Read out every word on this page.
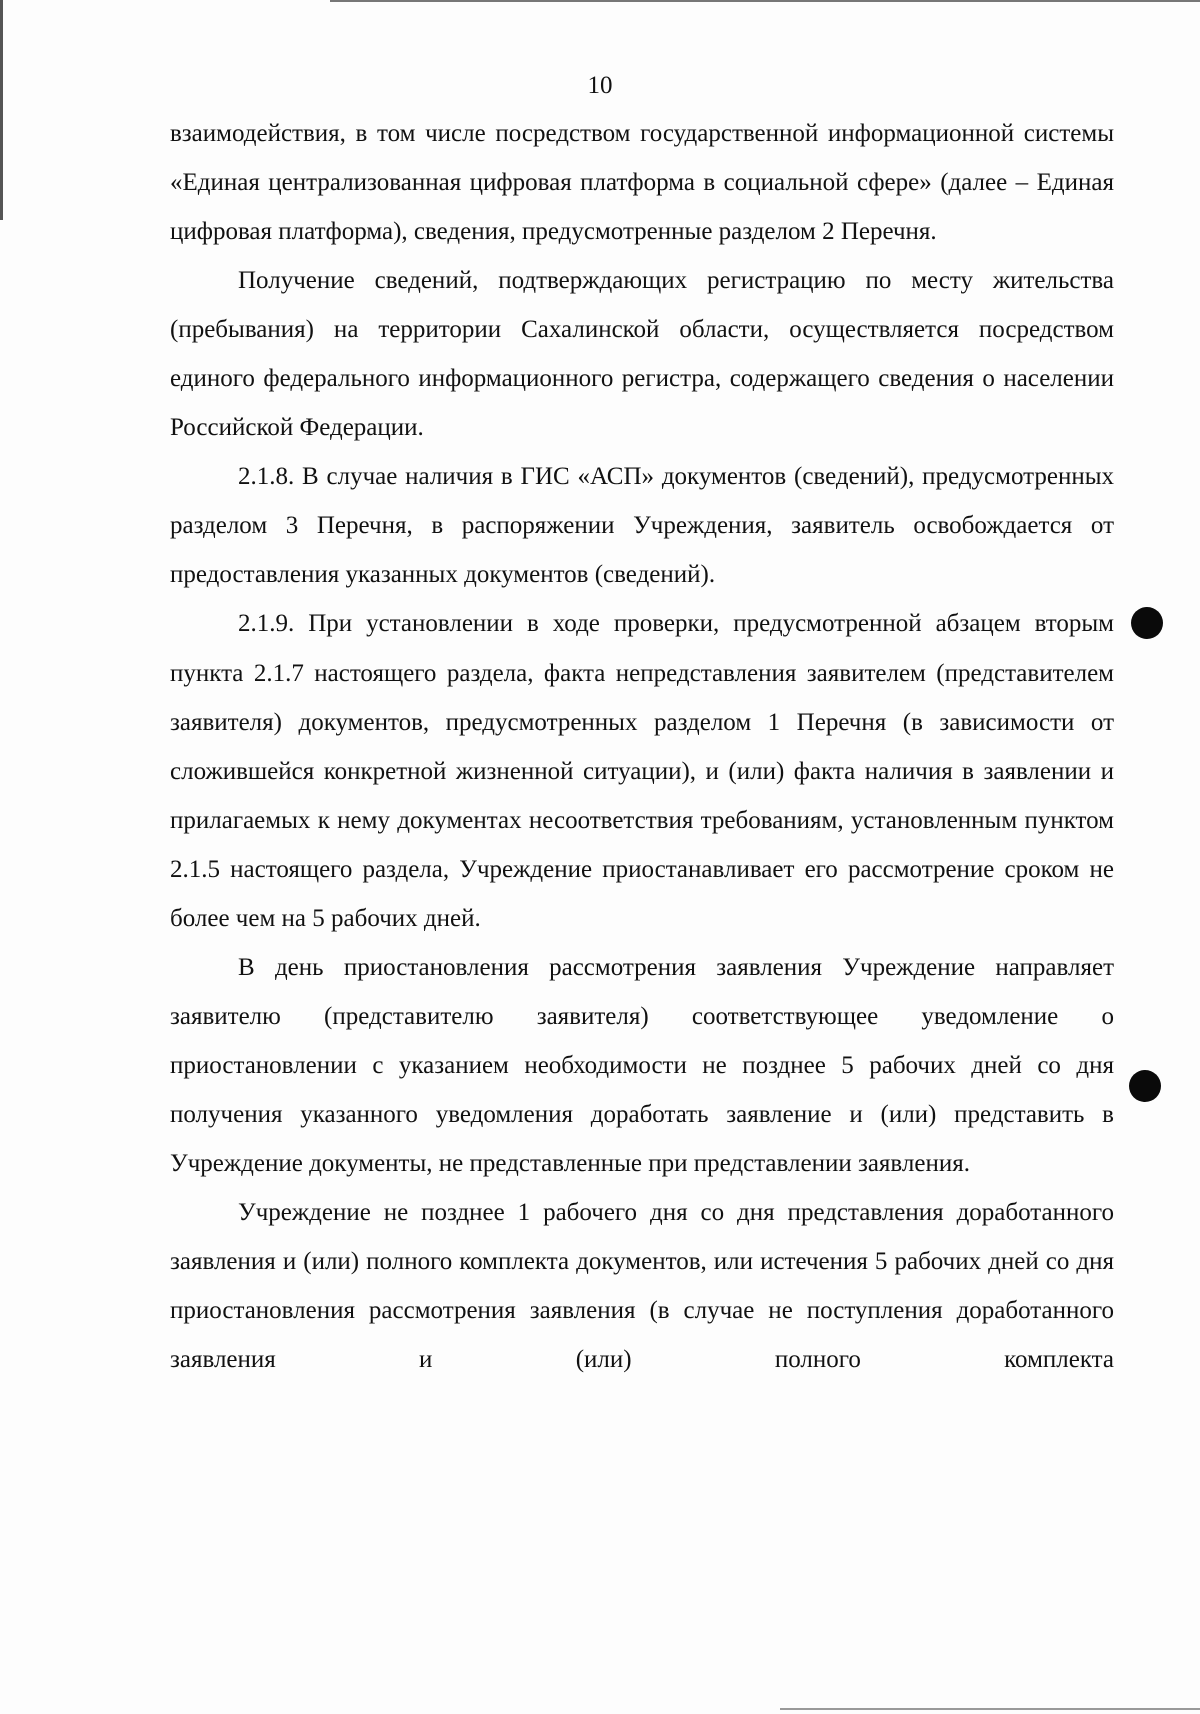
10

взаимодействия, в том числе посредством государственной информационной системы «Единая централизованная цифровая платформа в социальной сфере» (далее – Единая цифровая платформа), сведения, предусмотренные разделом 2 Перечня.

Получение сведений, подтверждающих регистрацию по месту жительства (пребывания) на территории Сахалинской области, осуществляется посредством единого федерального информационного регистра, содержащего сведения о населении Российской Федерации.

2.1.8. В случае наличия в ГИС «АСП» документов (сведений), предусмотренных разделом 3 Перечня, в распоряжении Учреждения, заявитель освобождается от предоставления указанных документов (сведений).

2.1.9. При установлении в ходе проверки, предусмотренной абзацем вторым пункта 2.1.7 настоящего раздела, факта непредставления заявителем (представителем заявителя) документов, предусмотренных разделом 1 Перечня (в зависимости от сложившейся конкретной жизненной ситуации), и (или) факта наличия в заявлении и прилагаемых к нему документах несоответствия требованиям, установленным пунктом 2.1.5 настоящего раздела, Учреждение приостанавливает его рассмотрение сроком не более чем на 5 рабочих дней.

В день приостановления рассмотрения заявления Учреждение направляет заявителю (представителю заявителя) соответствующее уведомление о приостановлении с указанием необходимости не позднее 5 рабочих дней со дня получения указанного уведомления доработать заявление и (или) представить в Учреждение документы, не представленные при представлении заявления.

Учреждение не позднее 1 рабочего дня со дня представления доработанного заявления и (или) полного комплекта документов, или истечения 5 рабочих дней со дня приостановления рассмотрения заявления (в случае не поступления доработанного заявления и (или) полного комплекта
